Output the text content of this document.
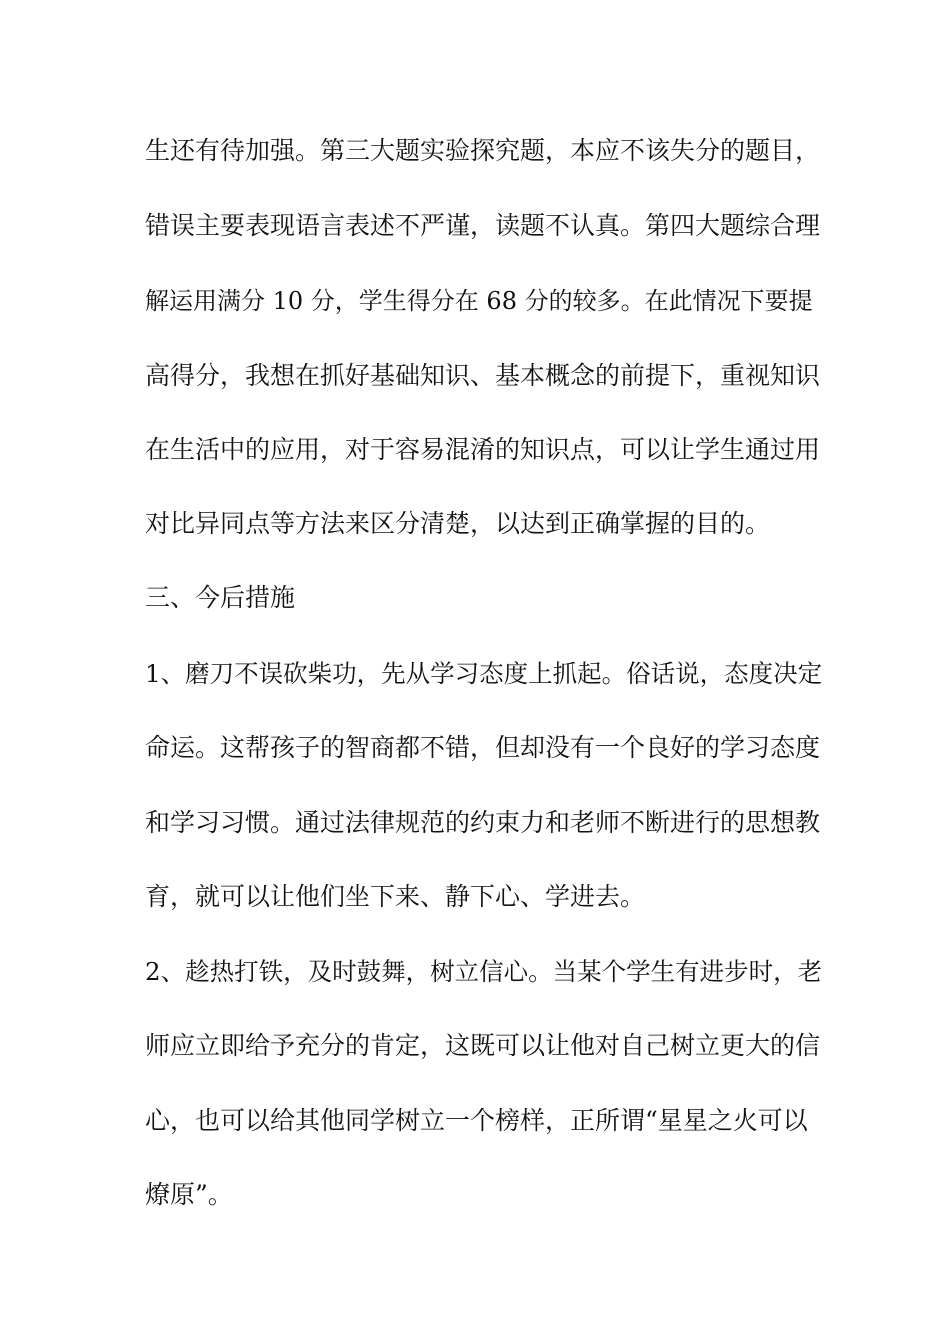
生还有待加强。第三大题实验探究题，本应不该失分的题目，
错误主要表现语言表述不严谨，读题不认真。第四大题综合理
解运用满分 10 分，学生得分在 68 分的较多。在此情况下要提
高得分，我想在抓好基础知识、基本概念的前提下，重视知识
在生活中的应用，对于容易混淆的知识点，可以让学生通过用
对比异同点等方法来区分清楚，以达到正确掌握的目的。
三、今后措施
1、磨刀不误砍柴功，先从学习态度上抓起。俗话说，态度决定
命运。这帮孩子的智商都不错，但却没有一个良好的学习态度
和学习习惯。通过法律规范的约束力和老师不断进行的思想教
育，就可以让他们坐下来、静下心、学进去。
2、趁热打铁，及时鼓舞，树立信心。当某个学生有进步时，老
师应立即给予充分的肯定，这既可以让他对自己树立更大的信
心，也可以给其他同学树立一个榜样，正所谓“星星之火可以
燎原”。
